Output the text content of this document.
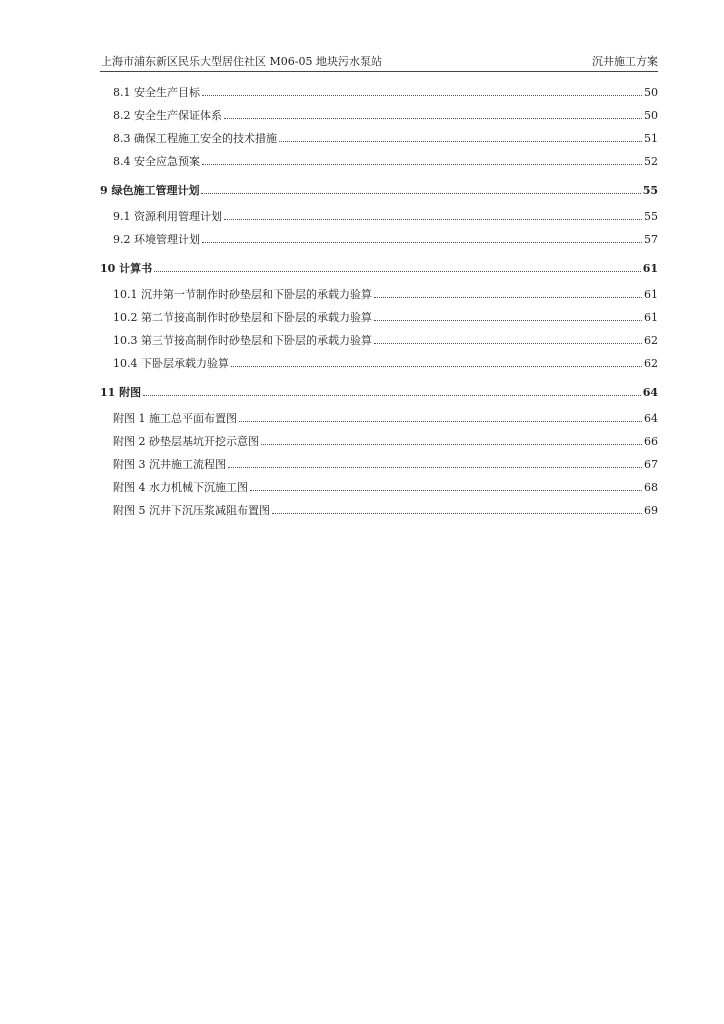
上海市浦东新区民乐大型居住社区 M06-05 地块污水泵站	沉井施工方案
8.1 安全生产目标	50
8.2 安全生产保证体系	50
8.3 确保工程施工安全的技术措施	51
8.4 安全应急预案	52
9 绿色施工管理计划	55
9.1 资源利用管理计划	55
9.2 环境管理计划	57
10 计算书	61
10.1 沉井第一节制作时砂垫层和下卧层的承载力验算	61
10.2 第二节接高制作时砂垫层和下卧层的承载力验算	61
10.3 第三节接高制作时砂垫层和下卧层的承载力验算	62
10.4 下卧层承载力验算	62
11 附图	64
附图 1 施工总平面布置图	64
附图 2 砂垫层基坑开挖示意图	66
附图 3 沉井施工流程图	67
附图 4 水力机械下沉施工图	68
附图 5 沉井下沉压浆减阻布置图	69
